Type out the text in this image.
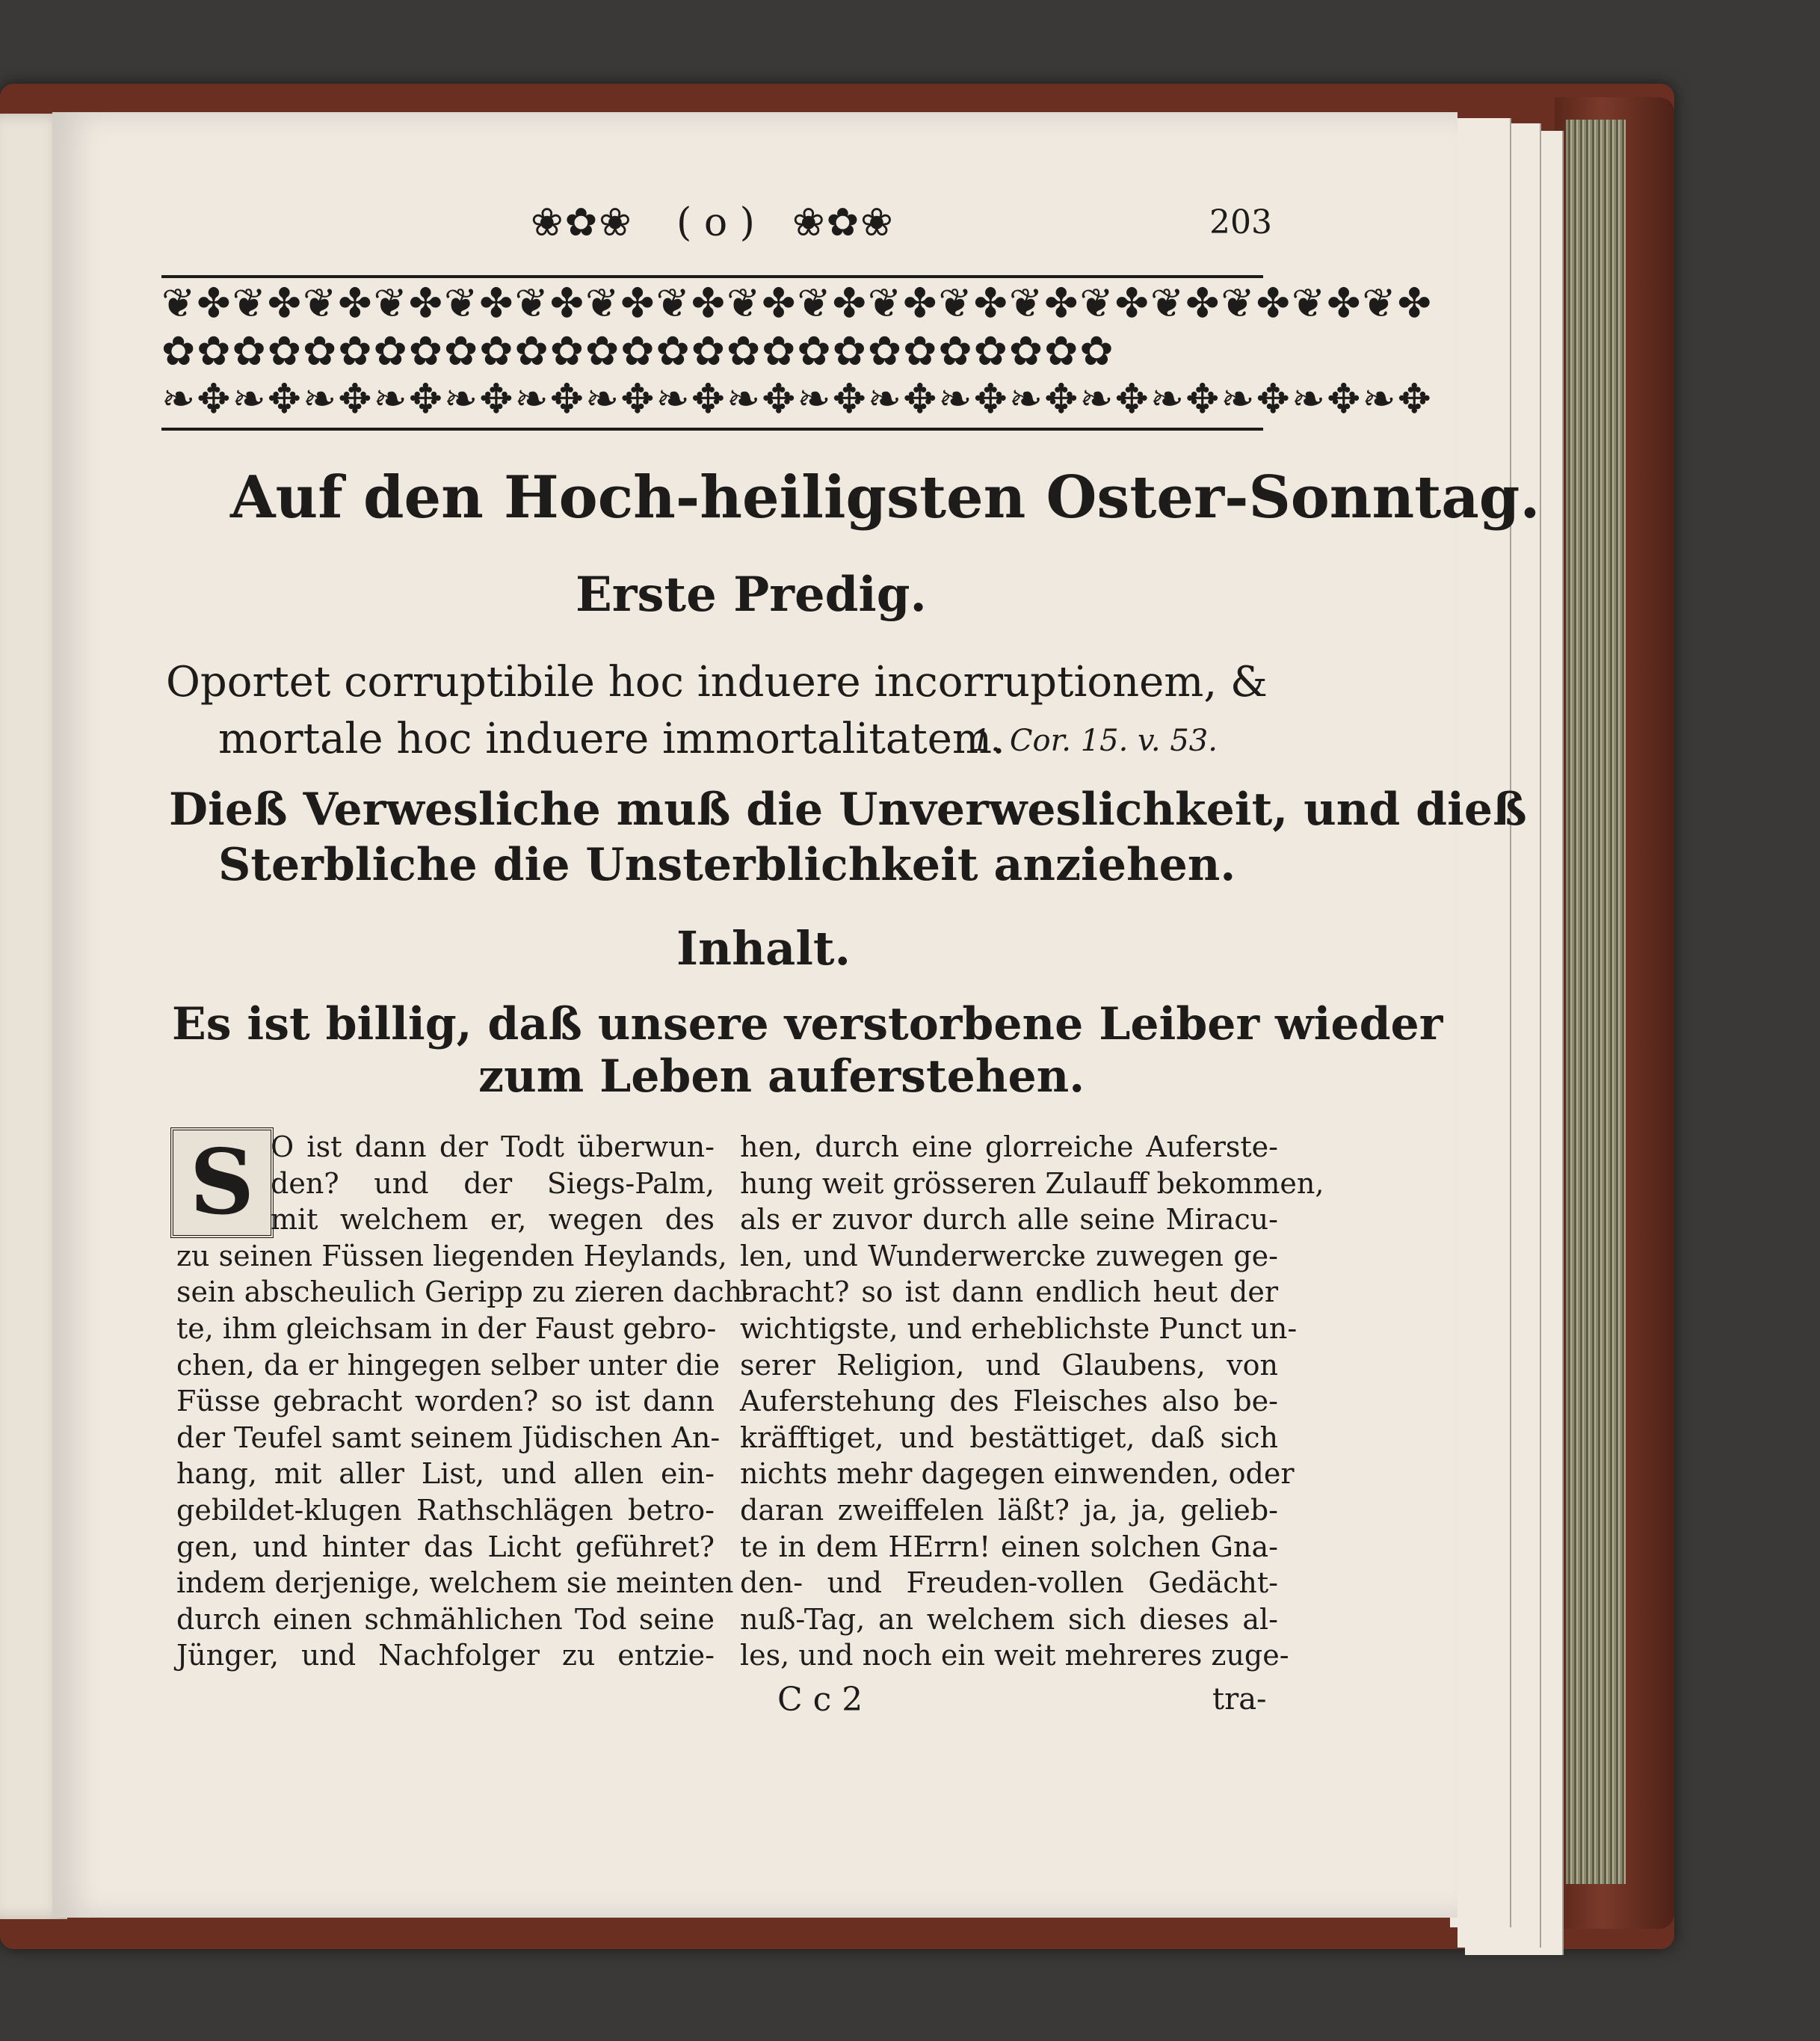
❀✿❀ ( o ) ❀✿❀	203
❦✤❦✤❦✤❦✤❦✤❦✤❦✤❦✤❦✤❦✤❦✤❦✤❦✤❦✤❦✤❦✤❦✤❦✤
✿✿✿✿✿✿✿✿✿✿✿✿✿✿✿✿✿✿✿✿✿✿✿✿✿✿✿
❧✥❧✥❧✥❧✥❧✥❧✥❧✥❧✥❧✥❧✥❧✥❧✥❧✥❧✥❧✥❧✥❧✥❧✥
Auf den Hoch-heiligsten Oster-Sonntag.
Erste Predig.
Oportet corruptibile hoc induere incorruptionem, &
mortale hoc induere immortalitatem.
1. Cor. 15. v. 53.
Dieß Verwesliche muß die Unverweslichkeit, und dieß
Sterbliche die Unsterblichkeit anziehen.
Inhalt.
Es ist billig, daß unsere verstorbene Leiber wieder
zum Leben auferstehen.
S O ist dann der Todt überwun-
den? und der Siegs-Palm,
mit welchem er, wegen des
zu seinen Füssen liegenden Heylands,
sein abscheulich Geripp zu zieren dach-
te, ihm gleichsam in der Faust gebro-
chen, da er hingegen selber unter die
Füsse gebracht worden? so ist dann
der Teufel samt seinem Jüdischen An-
hang, mit aller List, und allen ein-
gebildet-klugen Rathschlägen betro-
gen, und hinter das Licht geführet?
indem derjenige, welchem sie meinten
durch einen schmählichen Tod seine
Jünger, und Nachfolger zu entzie-
hen, durch eine glorreiche Auferste-
hung weit grösseren Zulauff bekommen,
als er zuvor durch alle seine Miracu-
len, und Wunderwercke zuwegen ge-
bracht? so ist dann endlich heut der
wichtigste, und erheblichste Punct un-
serer Religion, und Glaubens, von
Auferstehung des Fleisches also be-
kräfftiget, und bestättiget, daß sich
nichts mehr dagegen einwenden, oder
daran zweiffelen läßt? ja, ja, gelieb-
te in dem HErrn! einen solchen Gna-
den- und Freuden-vollen Gedächt-
nuß-Tag, an welchem sich dieses al-
les, und noch ein weit mehreres zuge-
C c 2	tra-
